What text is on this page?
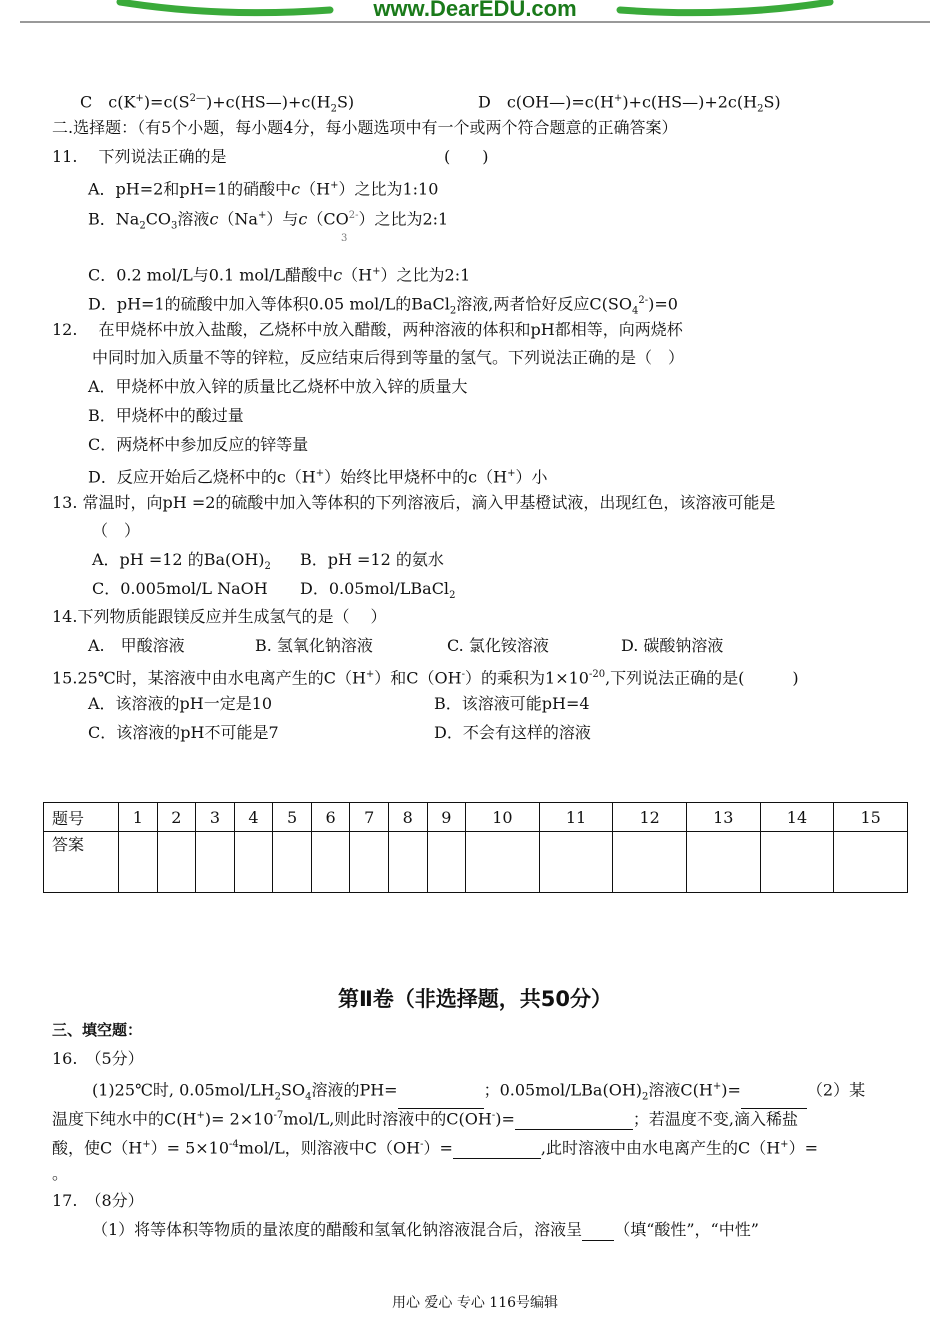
www.DearEDU.com
C　 $c(K^+)=c(S^{2—})+c(HS—)+c(H_2S)$	D　 $c(OH—)=c(H^+)+c(HS—)+2c(H_2S)$
二.选择题：（有5个小题，每小题4分，每小题选项中有一个或两个符合题意的正确答案）
11.　 下列说法正确的是	(　　)
A．pH=2和pH=1的硝酸中c（H+）之比为1:10
B．$Na_2CO_3$溶液c（Na+）与$c(CO^{2-})$之比为2:1
3
C．0.2 mol/L与0.1 mol/L醋酸中c（H+）之比为2:1
D．pH=1的硫酸中加入等体积0.05 mol/L的BaCl$_2$溶液,两者恰好反应$C(SO_4^{2-})=0$
12.　 在甲烧杯中放入盐酸，乙烧杯中放入醋酸，两种溶液的体积和pH都相等，向两烧杯
中同时加入质量不等的锌粒，反应结束后得到等量的氢气。下列说法正确的是（　）
A．甲烧杯中放入锌的质量比乙烧杯中放入锌的质量大
B．甲烧杯中的酸过量
C．两烧杯中参加反应的锌等量
D．反应开始后乙烧杯中的c（H+）始终比甲烧杯中的c（H+）小
13. 常温时，向pH =2的硫酸中加入等体积的下列溶液后，滴入甲基橙试液，出现红色，该溶液可能是
（　）
A．pH =12 的$Ba(OH)_2$ B．pH =12 的氨水
C．0.005mol/L NaOH D．0.05mol/LBaCl$_2$
14.下列物质能跟镁反应并生成氢气的是（　 ）
A.　甲酸溶液	B. 氢氧化钠溶液	C. 氯化铵溶液	D. 碳酸钠溶液
15.25℃时，某溶液中由水电离产生的C（H+）和C（OH-）的乘积为$1\times 10^{-20}$,下列说法正确的是(　　　)
A．该溶液的pH一定是10	B．该溶液可能pH=4
C．该溶液的pH不可能是7	D．不会有这样的溶液
题号	1	2	3	4	5	6	7	8	9	10	11	12	13	14	15
答案															
第Ⅱ卷（非选择题，共50分）
三、填空题：
16.　（5分）
(1)25℃时, $0.05mol/LH_2SO_4$溶液的PH=	；$0.05mol/LBa(OH)_2$溶液C(H+)=	（2）某
温度下纯水中的$C(H^+)= 2\times 10^{-7}mol/L$,则此时溶液中的C(OH-)=	；若温度不变,滴入稀盐
酸，使$C(H^+)= 5\times 10^{-4}mol/L$，则溶液中C（OH-）=	,此时溶液中由水电离产生的C（H+）=
。
17.　（8分）
（1）将等体积等物质的量浓度的醋酸和氢氧化钠溶液混合后，溶液呈 （填“酸性”，“中性”
用心 爱心 专心 116号编辑
